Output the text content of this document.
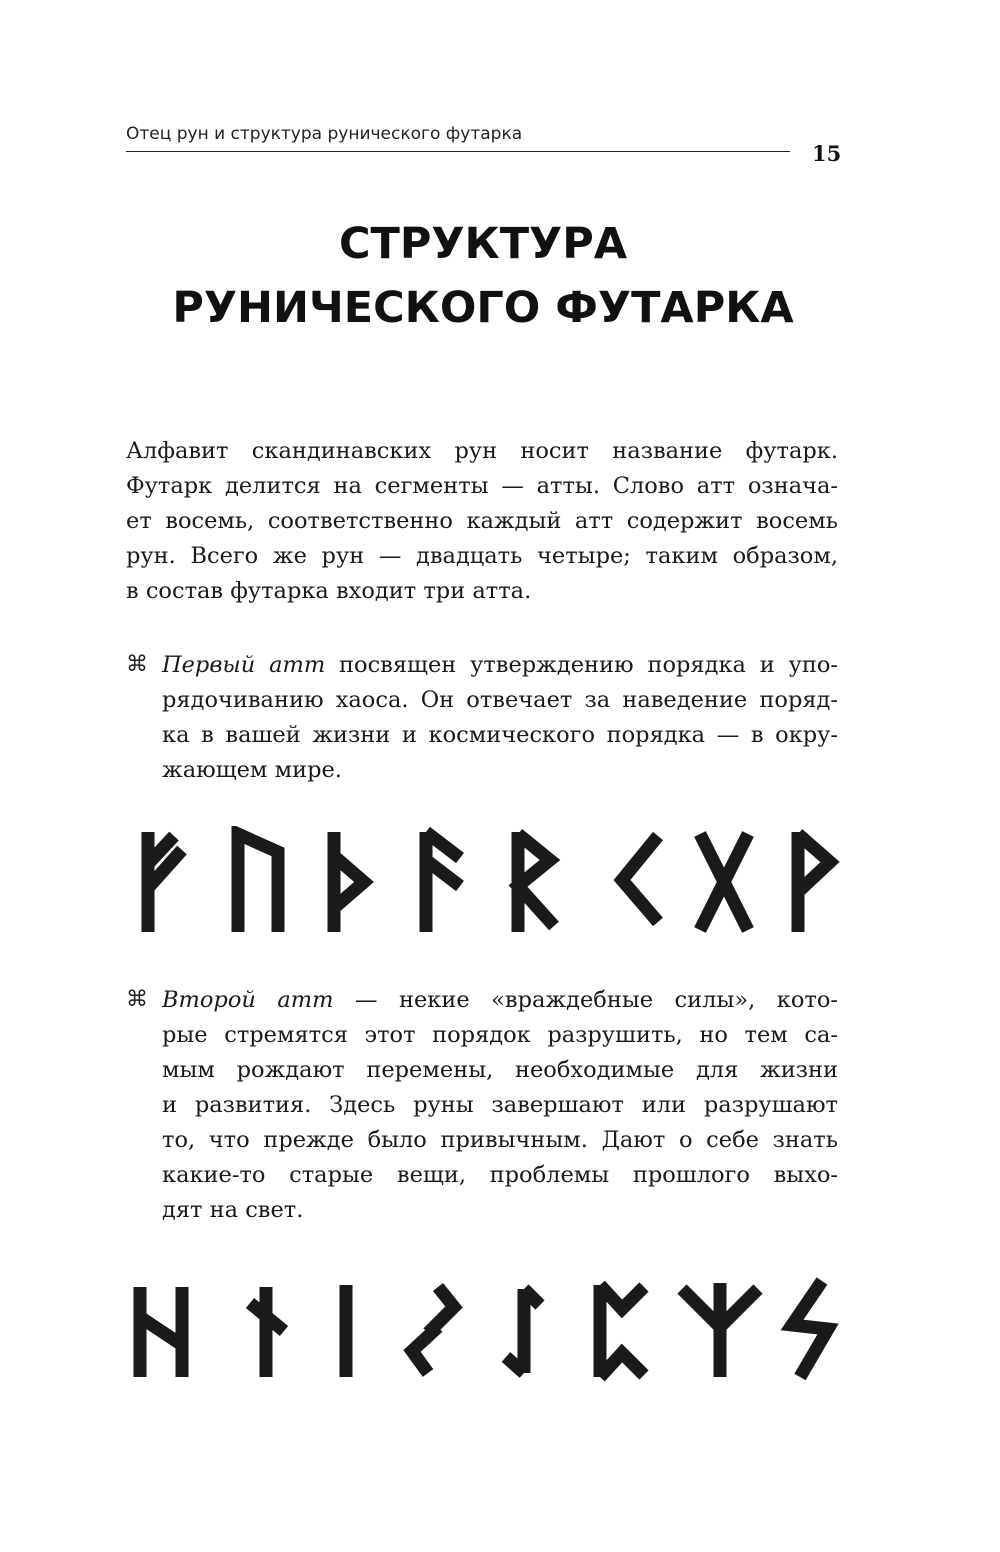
Отец рун и структура рунического футарка
15
СТРУКТУРА
РУНИЧЕСКОГО ФУТАРКА
Алфавит скандинавских рун носит название футарк.
Футарк делится на сегменты — атты. Слово атт означа-
ет восемь, соответственно каждый атт содержит восемь
рун. Всего же рун — двадцать четыре; таким образом,
в состав футарка входит три атта.
⌘ Первый атт посвящен утверждению порядка и упо-
рядочиванию хаоса. Он отвечает за наведение поряд-
ка в вашей жизни и космического порядка — в окру-
жающем мире.
⌘ Второй атт — некие «враждебные силы», кото-
рые стремятся этот порядок разрушить, но тем са-
мым рождают перемены, необходимые для жизни
и развития. Здесь руны завершают или разрушают
то, что прежде было привычным. Дают о себе знать
какие-то старые вещи, проблемы прошлого выхо-
дят на свет.
